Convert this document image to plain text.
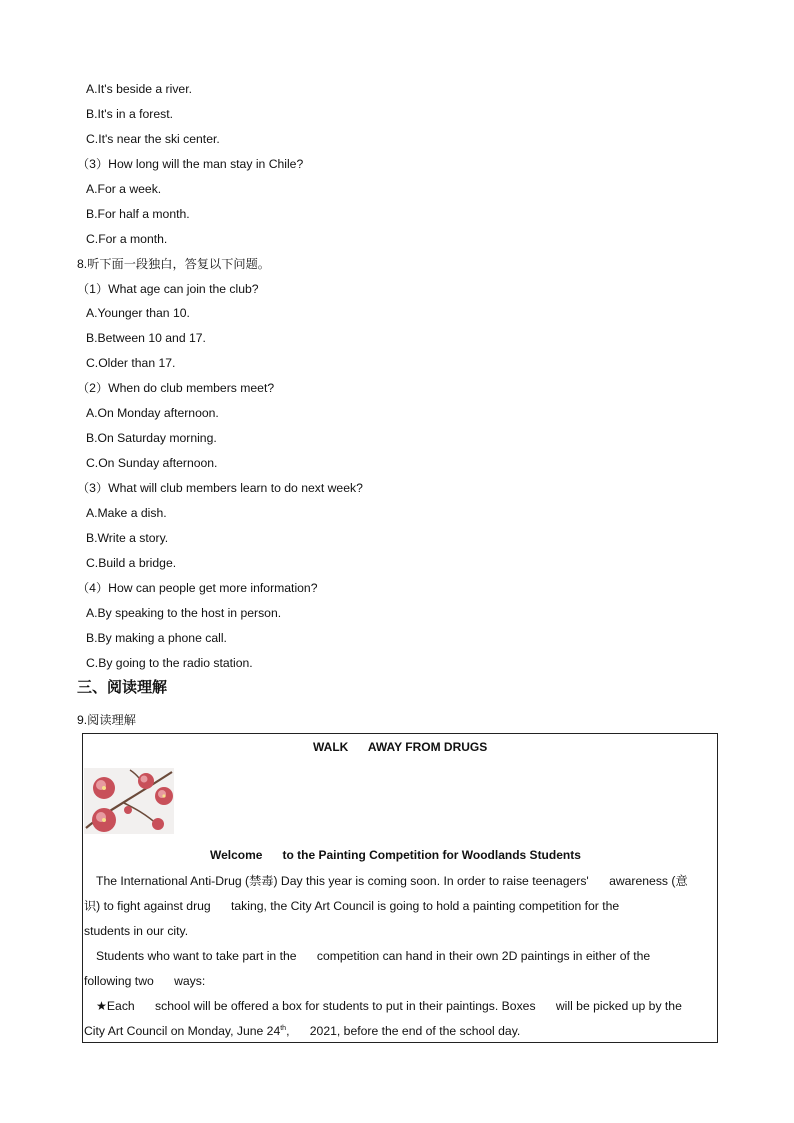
A.It's beside a river.
B.It's in a forest.
C.It's near the ski center.
（3）How long will the man stay in Chile?
A.For a week.
B.For half a month.
C.For a month.
8.听下面一段独白，答复以下问题。
（1）What age can join the club?
A.Younger than 10.
B.Between 10 and 17.
C.Older than 17.
（2）When do club members meet?
A.On Monday afternoon.
B.On Saturday morning.
C.On Sunday afternoon.
（3）What will club members learn to do next week?
A.Make a dish.
B.Write a story.
C.Build a bridge.
（4）How can people get more information?
A.By speaking to the host in person.
B.By making a phone call.
C.By going to the radio station.
三、阅读理解
9.阅读理解
WALK      AWAY FROM DRUGS
Welcome      to the Painting Competition for Woodlands Students
The International Anti-Drug (禁毒) Day this year is coming soon. In order to raise teenagers'      awareness (意
识) to fight against drug      taking, the City Art Council is going to hold a painting competition for the
students in our city.
Students who want to take part in the      competition can hand in their own 2D paintings in either of the
following two      ways:
★Each      school will be offered a box for students to put in their paintings. Boxes      will be picked up by the
City Art Council on Monday, June 24th,      2021, before the end of the school day.
